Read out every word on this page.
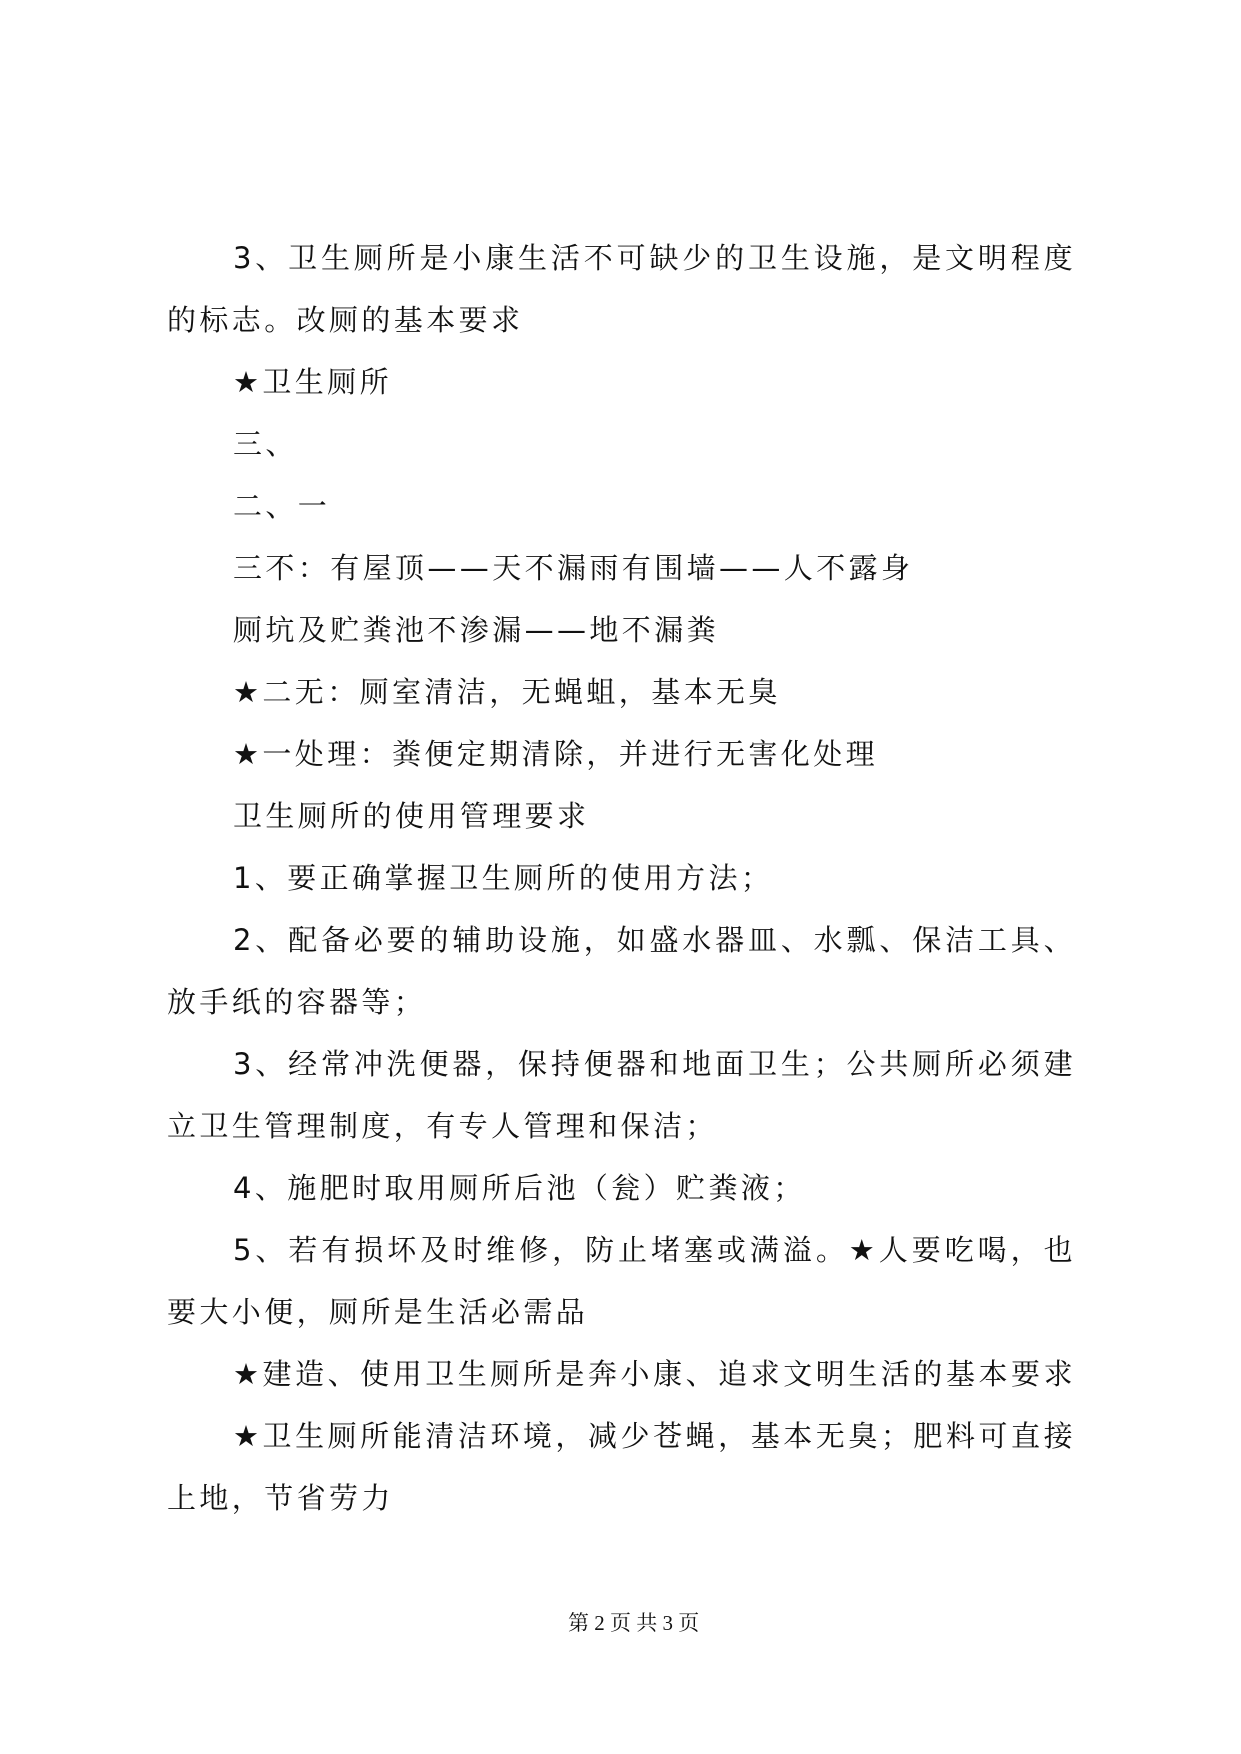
3、卫生厕所是小康生活不可缺少的卫生设施，是文明程度
的标志。改厕的基本要求
★卫生厕所
三、
二、一
三不：有屋顶——天不漏雨有围墙——人不露身
厕坑及贮粪池不渗漏——地不漏粪
★二无：厕室清洁，无蝇蛆，基本无臭
★一处理：粪便定期清除，并进行无害化处理
卫生厕所的使用管理要求
1、要正确掌握卫生厕所的使用方法；
2、配备必要的辅助设施，如盛水器皿、水瓢、保洁工具、
放手纸的容器等；
3、经常冲洗便器，保持便器和地面卫生；公共厕所必须建
立卫生管理制度，有专人管理和保洁；
4、施肥时取用厕所后池（瓮）贮粪液；
5、若有损坏及时维修，防止堵塞或满溢。★人要吃喝，也
要大小便，厕所是生活必需品
★建造、使用卫生厕所是奔小康、追求文明生活的基本要求
★卫生厕所能清洁环境，减少苍蝇，基本无臭；肥料可直接
上地，节省劳力
第 2 页 共 3 页
